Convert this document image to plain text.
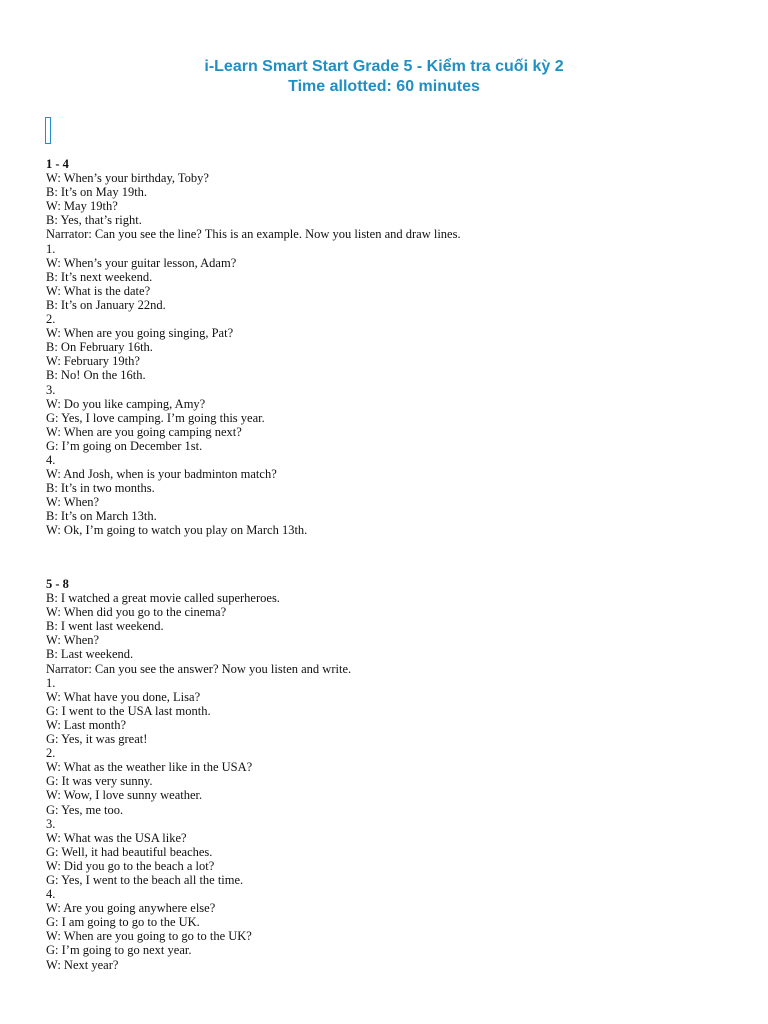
i-Learn Smart Start Grade 5 - Kiểm tra cuối kỳ 2
Time allotted: 60 minutes
1 - 4
W: When’s your birthday, Toby?
B: It’s on May 19th.
W: May 19th?
B: Yes, that’s right.
Narrator: Can you see the line? This is an example. Now you listen and draw lines.
1.
W: When’s your guitar lesson, Adam?
B: It’s next weekend.
W: What is the date?
B: It’s on January 22nd.
2.
W: When are you going singing, Pat?
B: On February 16th.
W: February 19th?
B: No! On the 16th.
3.
W: Do you like camping, Amy?
G: Yes, I love camping. I’m going this year.
W: When are you going camping next?
G: I’m going on December 1st.
4.
W: And Josh, when is your badminton match?
B: It’s in two months.
W: When?
B: It’s on March 13th.
W: Ok, I’m going to watch you play on March 13th.
5 - 8
B: I watched a great movie called superheroes.
W: When did you go to the cinema?
B: I went last weekend.
W: When?
B: Last weekend.
Narrator: Can you see the answer? Now you listen and write.
1.
W: What have you done, Lisa?
G: I went to the USA last month.
W: Last month?
G: Yes, it was great!
2.
W: What as the weather like in the USA?
G: It was very sunny.
W: Wow, I love sunny weather.
G: Yes, me too.
3.
W: What was the USA like?
G: Well, it had beautiful beaches.
W: Did you go to the beach a lot?
G: Yes, I went to the beach all the time.
4.
W: Are you going anywhere else?
G: I am going to go to the UK.
W: When are you going to go to the UK?
G: I’m going to go next year.
W: Next year?
